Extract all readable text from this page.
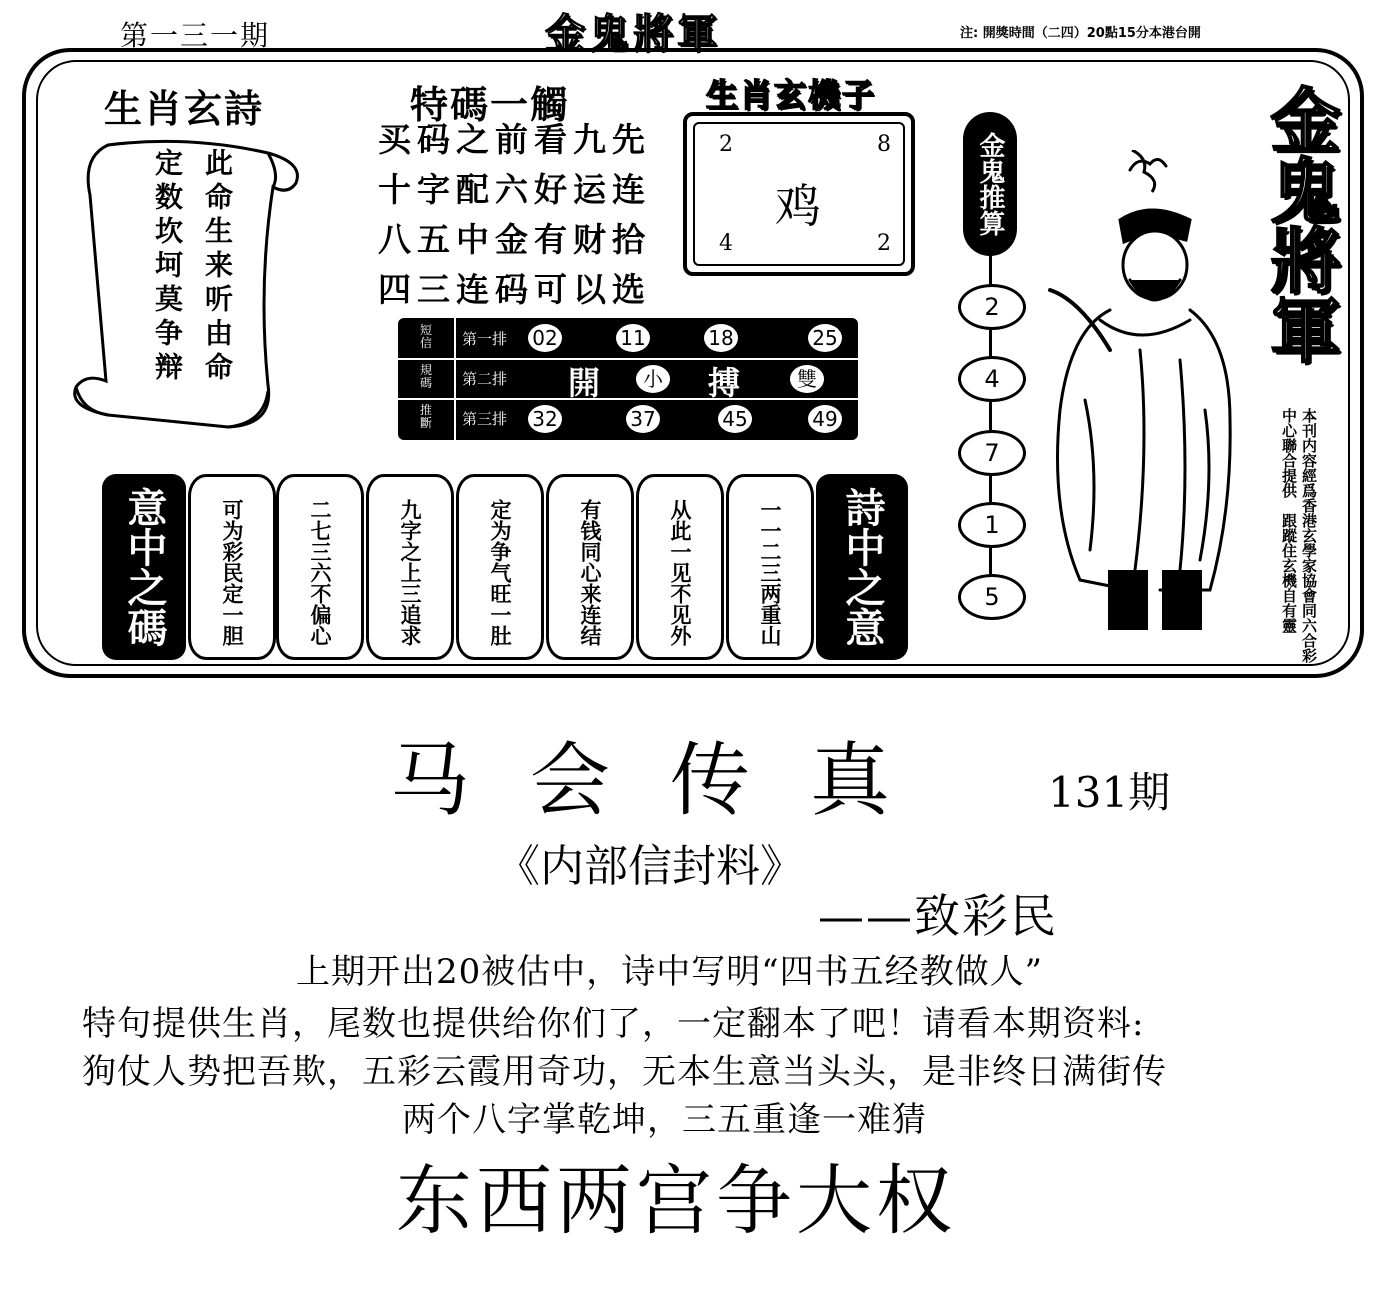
第一三一期	金鬼將軍	注: 開獎時間（二四）20點15分本港台開
生肖玄詩
此命生来听由命
定数坎坷莫争辩
特碼一觸
买码之前看九先
十字配六好运连
八五中金有财拾
四三连码可以选
生肖玄機子
2	8
4	2
鸡
短
信	第一排 02	11	18	25
規
碼	第二排 開	小 搏	雙
推
斷	第三排 32	37	45	49
意中之碼	可为彩民定一胆	二七三六不偏心	九字之上三追求	定为争气旺一肚	有钱同心来连结	从此一见不见外	一一二三两重山	詩中之意
金鬼推算
2
4
7
1
5
金鬼將軍
本刊内容經爲香港玄學家協會同六合彩
中心聯合提供　跟蹤住玄機自有靈
马会传真 131期
《内部信封料》
——致彩民
上期开出20被估中，诗中写明“四书五经教做人”
特句提供生肖，尾数也提供给你们了，一定翻本了吧！请看本期资料:
狗仗人势把吾欺，五彩云霞用奇功，无本生意当头头，是非终日满街传
两个八字掌乾坤，三五重逢一难猜
东西两宫争大权
